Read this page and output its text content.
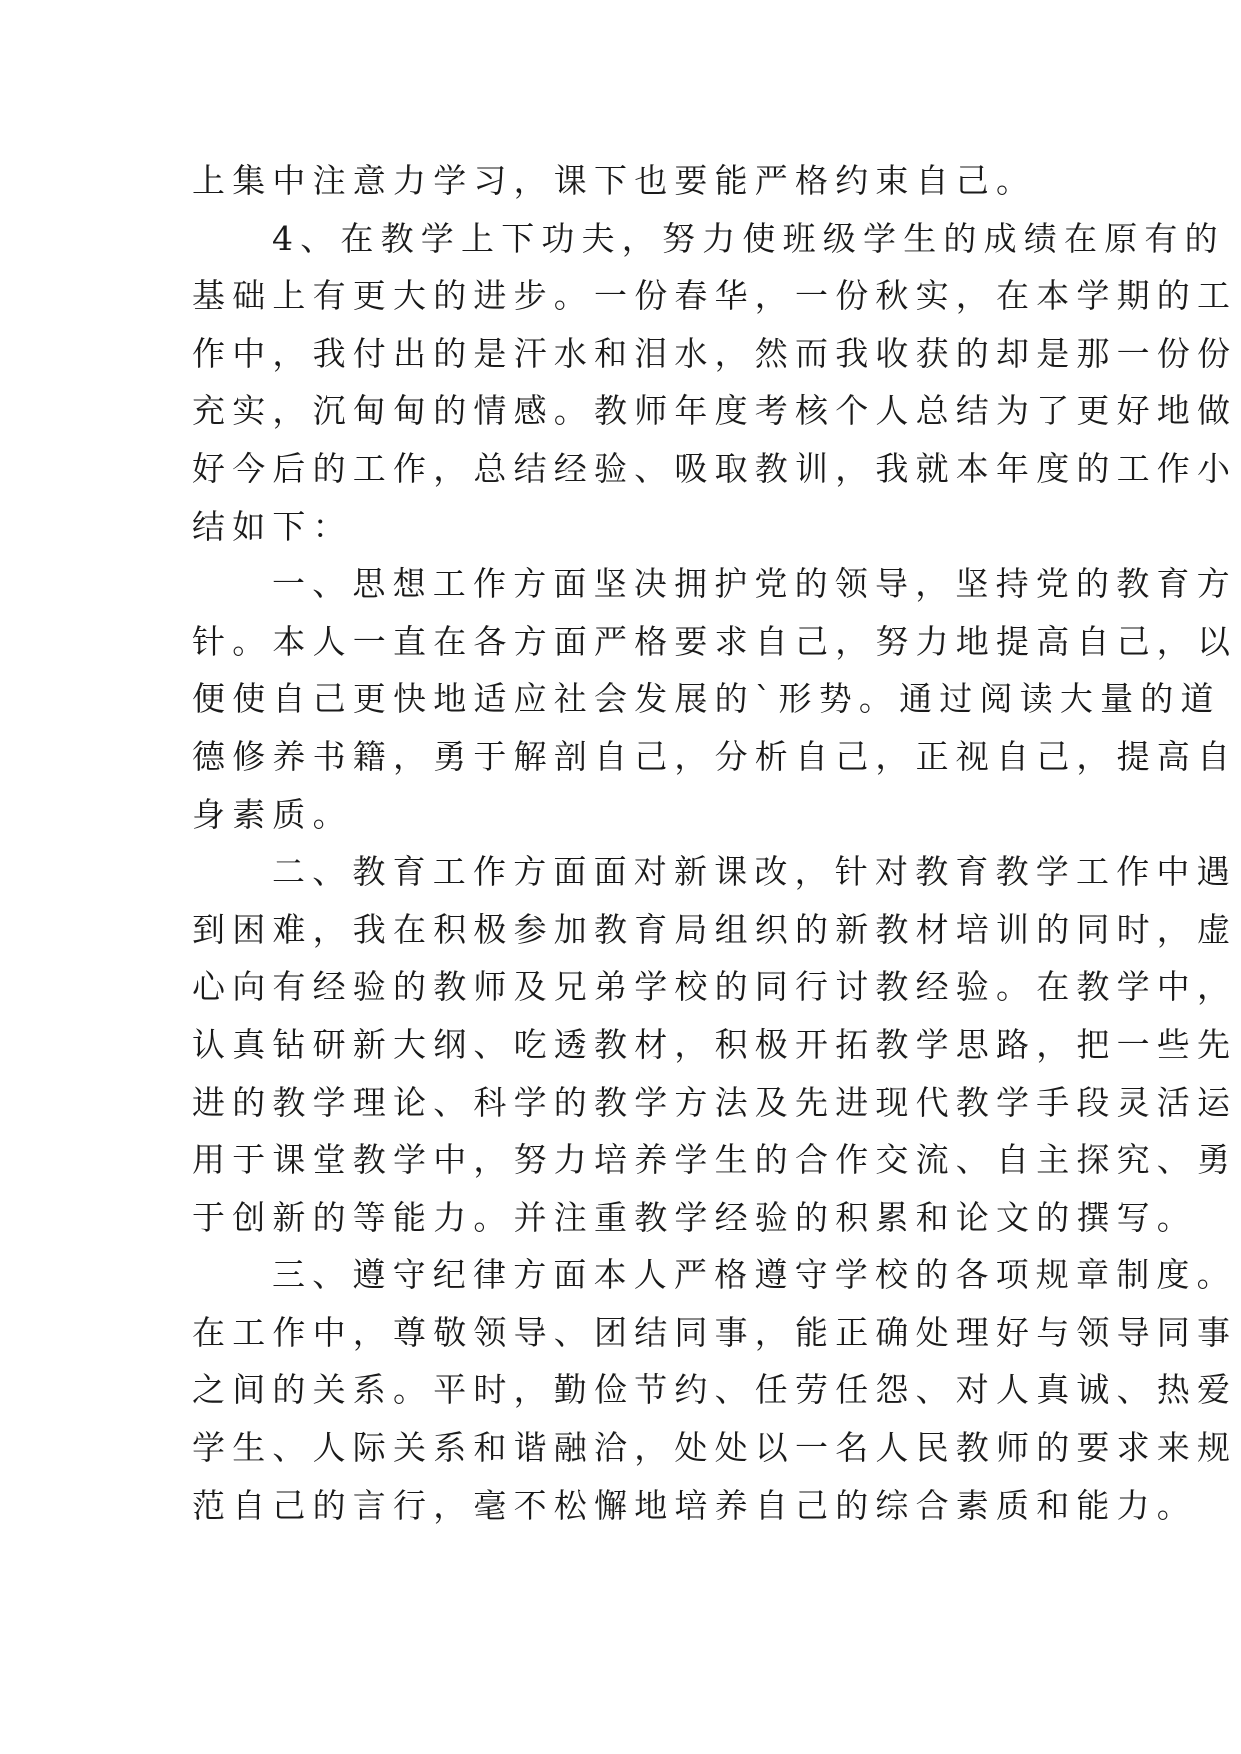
上集中注意力学习，课下也要能严格约束自己。
4、在教学上下功夫，努力使班级学生的成绩在原有的
基础上有更大的进步。一份春华，一份秋实，在本学期的工
作中，我付出的是汗水和泪水，然而我收获的却是那一份份
充实，沉甸甸的情感。教师年度考核个人总结为了更好地做
好今后的工作，总结经验、吸取教训，我就本年度的工作小
结如下：
一、思想工作方面坚决拥护党的领导，坚持党的教育方
针。本人一直在各方面严格要求自己，努力地提高自己，以
便使自己更快地适应社会发展的`形势。通过阅读大量的道
德修养书籍，勇于解剖自己，分析自己，正视自己，提高自
身素质。
二、教育工作方面面对新课改，针对教育教学工作中遇
到困难，我在积极参加教育局组织的新教材培训的同时，虚
心向有经验的教师及兄弟学校的同行讨教经验。在教学中，
认真钻研新大纲、吃透教材，积极开拓教学思路，把一些先
进的教学理论、科学的教学方法及先进现代教学手段灵活运
用于课堂教学中，努力培养学生的合作交流、自主探究、勇
于创新的等能力。并注重教学经验的积累和论文的撰写。
三、遵守纪律方面本人严格遵守学校的各项规章制度。
在工作中，尊敬领导、团结同事，能正确处理好与领导同事
之间的关系。平时，勤俭节约、任劳任怨、对人真诚、热爱
学生、人际关系和谐融洽，处处以一名人民教师的要求来规
范自己的言行，毫不松懈地培养自己的综合素质和能力。
